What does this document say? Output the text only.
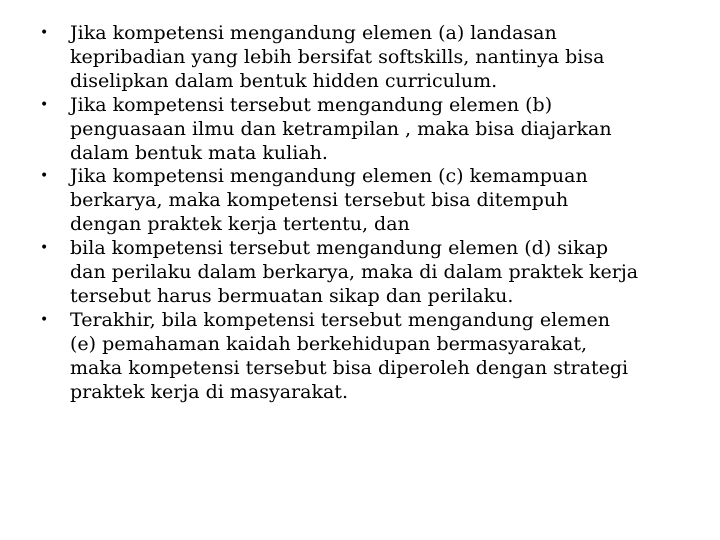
•	Jika kompetensi mengandung elemen (a) landasan
kepribadian yang lebih bersifat softskills, nantinya bisa
diselipkan dalam bentuk hidden curriculum.
•	Jika kompetensi tersebut mengandung elemen (b)
penguasaan ilmu dan ketrampilan , maka bisa diajarkan
dalam bentuk mata kuliah.
•	Jika kompetensi mengandung elemen (c) kemampuan
berkarya, maka kompetensi tersebut bisa ditempuh
dengan praktek kerja tertentu, dan
•	bila kompetensi tersebut mengandung elemen (d) sikap
dan perilaku dalam berkarya, maka di dalam praktek kerja
tersebut harus bermuatan sikap dan perilaku.
•	Terakhir, bila kompetensi tersebut mengandung elemen
(e) pemahaman kaidah berkehidupan bermasyarakat,
maka kompetensi tersebut bisa diperoleh dengan strategi
praktek kerja di masyarakat.
